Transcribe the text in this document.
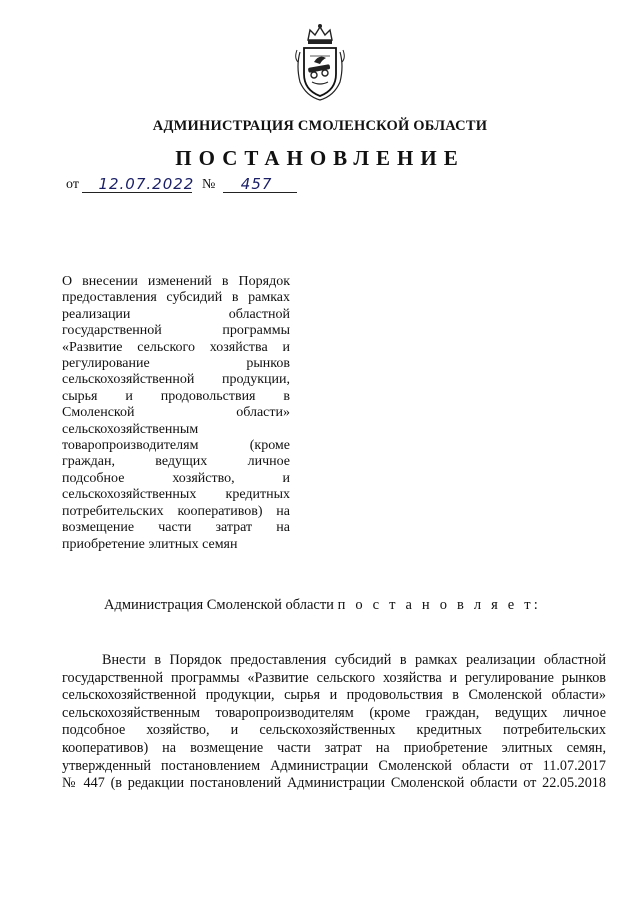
АДМИНИСТРАЦИЯ СМОЛЕНСКОЙ ОБЛАСТИ
ПОСТАНОВЛЕНИЕ
от 12.07.2022 № 457
О внесении изменений в Порядок
предоставления субсидий в рамках
реализации областной
государственной программы
«Развитие сельского хозяйства и
регулирование рынков
сельскохозяйственной продукции,
сырья и продовольствия в
Смоленской области»
сельскохозяйственным
товаропроизводителям (кроме
граждан, ведущих личное
подсобное хозяйство, и
сельскохозяйственных кредитных
потребительских кооперативов) на
возмещение части затрат на
приобретение элитных семян
Администрация Смоленской области п о с т а н о в л я е т:
Внести в Порядок предоставления субсидий в рамках реализации областной
государственной программы «Развитие сельского хозяйства и регулирование рынков
сельскохозяйственной продукции, сырья и продовольствия в Смоленской области»
сельскохозяйственным товаропроизводителям (кроме граждан, ведущих личное
подсобное хозяйство, и сельскохозяйственных кредитных потребительских
кооперативов) на возмещение части затрат на приобретение элитных семян,
утвержденный постановлением Администрации Смоленской области от 11.07.2017
№ 447 (в редакции постановлений Администрации Смоленской области от 22.05.2018
